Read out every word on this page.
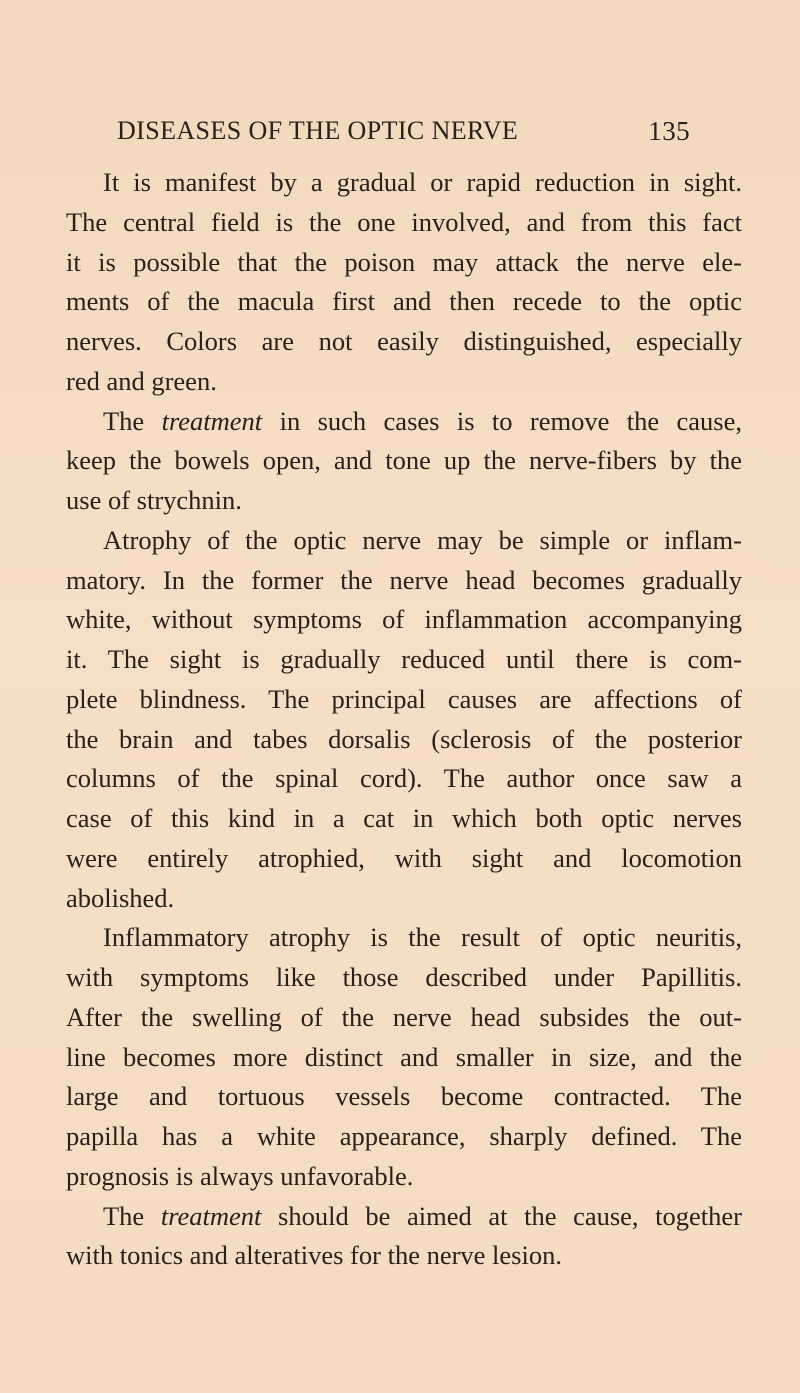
DISEASES OF THE OPTIC NERVE	135

It is manifest by a gradual or rapid reduction in sight.
The central field is the one involved, and from this fact
it is possible that the poison may attack the nerve ele-
ments of the macula first and then recede to the optic
nerves. Colors are not easily distinguished, especially
red and green.

The treatment in such cases is to remove the cause,
keep the bowels open, and tone up the nerve-fibers by the
use of strychnin.

Atrophy of the optic nerve may be simple or inflam-
matory. In the former the nerve head becomes gradually
white, without symptoms of inflammation accompanying
it. The sight is gradually reduced until there is com-
plete blindness. The principal causes are affections of
the brain and tabes dorsalis (sclerosis of the posterior
columns of the spinal cord). The author once saw a
case of this kind in a cat in which both optic nerves
were entirely atrophied, with sight and locomotion
abolished.

Inflammatory atrophy is the result of optic neuritis,
with symptoms like those described under Papillitis.
After the swelling of the nerve head subsides the out-
line becomes more distinct and smaller in size, and the
large and tortuous vessels become contracted. The
papilla has a white appearance, sharply defined. The
prognosis is always unfavorable.

The treatment should be aimed at the cause, together
with tonics and alteratives for the nerve lesion.
